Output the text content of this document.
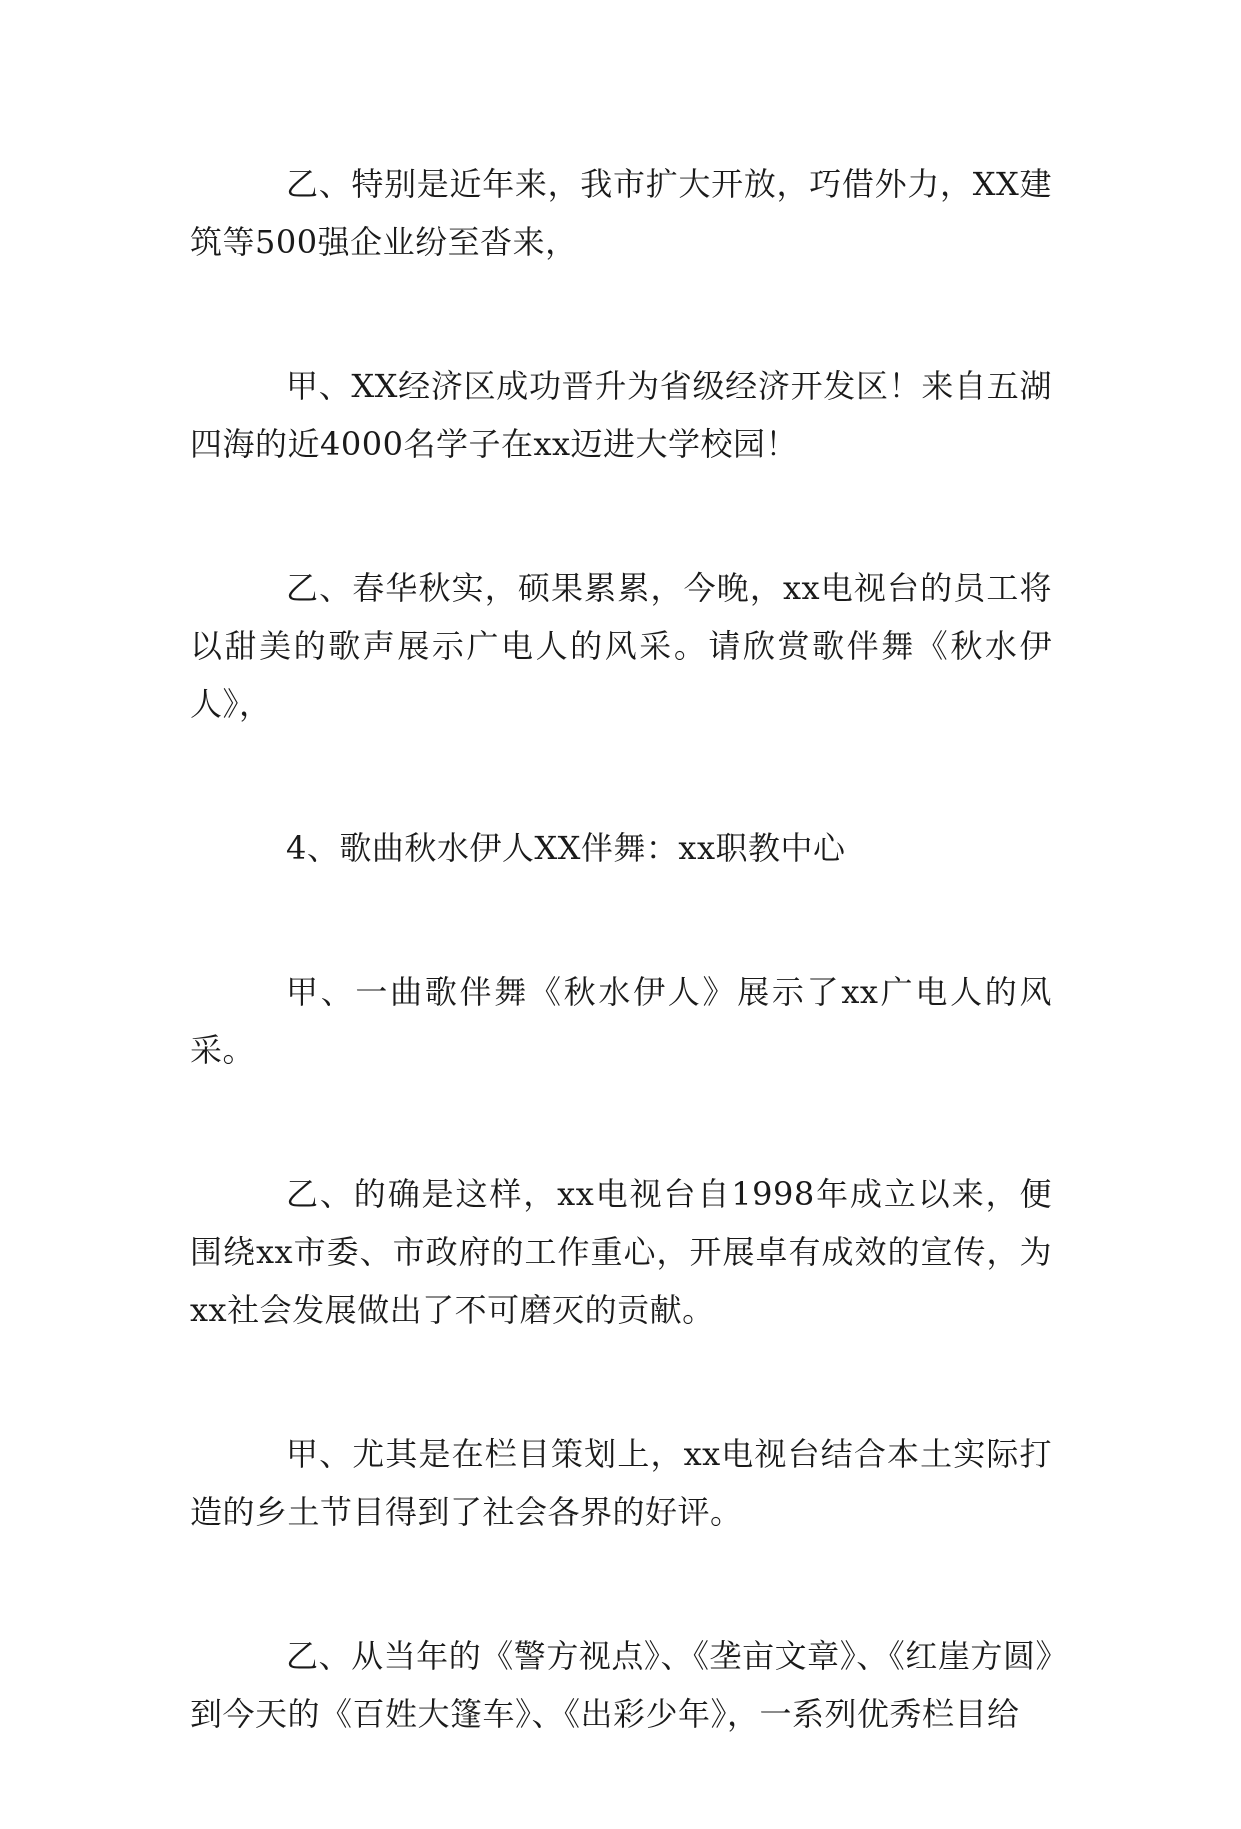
乙、特别是近年来，我市扩大开放，巧借外力，XX建筑等500强企业纷至沓来，

甲、XX经济区成功晋升为省级经济开发区！来自五湖四海的近4000名学子在xx迈进大学校园！

乙、春华秋实，硕果累累，今晚，xx电视台的员工将以甜美的歌声展示广电人的风采。请欣赏歌伴舞《秋水伊人》，

4、歌曲秋水伊人XX伴舞：xx职教中心

甲、一曲歌伴舞《秋水伊人》展示了xx广电人的风采。

乙、的确是这样，xx电视台自1998年成立以来，便围绕xx市委、市政府的工作重心，开展卓有成效的宣传，为xx社会发展做出了不可磨灭的贡献。

甲、尤其是在栏目策划上，xx电视台结合本土实际打造的乡土节目得到了社会各界的好评。

乙、从当年的《警方视点》、《垄亩文章》、《红崖方圆》到今天的《百姓大篷车》、《出彩少年》，一系列优秀栏目给
